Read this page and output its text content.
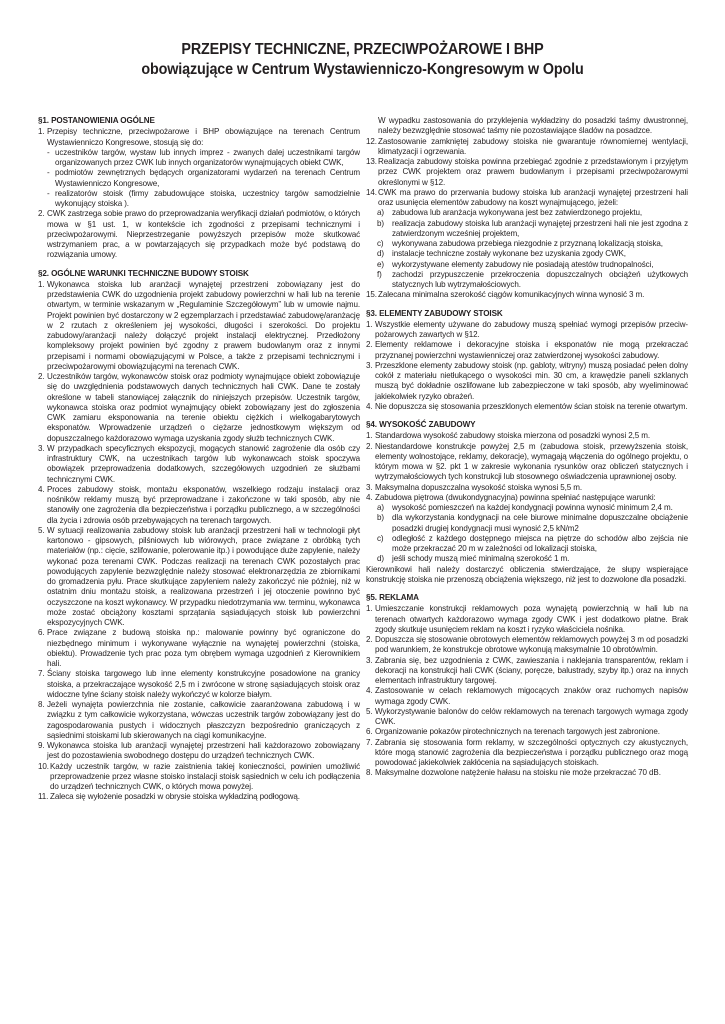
PRZEPISY TECHNICZNE, PRZECIWPOŻAROWE I BHP
obowiązujące w Centrum Wystawienniczo-Kongresowym w Opolu
§1. POSTANOWIENIA OGÓLNE
1. Przepisy techniczne, przeciwpożarowe i BHP obowiązujące na terenach Centrum Wystawienniczo Kongresowe, stosują się do:
- uczestników targów, wystaw lub innych imprez - zwanych dalej uczestnikami targów organizowanych przez CWK lub innych organizatorów wynajmujących obiekt CWK,
- podmiotów zewnętrznych będących organizatorami wydarzeń na terenach Centrum Wystawienniczo Kongresowe,
- realizatorów stoisk (firmy zabudowujące stoiska, uczestnicy targów samodzielnie wykonujący stoiska ).
2. CWK zastrzega sobie prawo do przeprowadzania weryfikacji działań podmiotów, o których mowa w §1 ust. 1, w kontekście ich zgodności z przepisami technicznymi i przeciwpożarowymi. Nieprzestrzeganie powyższych przepisów może skutkować wstrzymaniem prac, a w powtarzających się przypadkach może być podstawą do rozwiązania umowy.
§2. OGÓLNE WARUNKI TECHNICZNE BUDOWY STOISK
1. Wykonawca stoiska lub aranżacji wynajętej przestrzeni zobowiązany jest do przedstawienia CWK do uzgodnienia projekt zabudowy powierzchni w hali lub na terenie otwartym, w terminie wskazanym w „Regulaminie Szczegółowym” lub w umowie najmu. Projekt powinien być dostarczony w 2 egzemplarzach i przedstawiać zabudowę/aranżację w 2 rzutach z określeniem jej wysokości, długości i szerokości. Do projektu zabudowy/aranżacji należy dołączyć projekt instalacji elektrycznej. Przedłożony kompleksowy projekt powinien być zgodny z prawem budowlanym oraz z innymi przepisami i normami obowiązującymi w Polsce, a także z przepisami technicznymi i przeciwpożarowymi obowiązującymi na terenach CWK.
2. Uczestników targów, wykonawców stoisk oraz podmioty wynajmujące obiekt zobowiązuje się do uwzględnienia podstawowych danych technicznych hali CWK. Dane te zostały określone w tabeli stanowiącej załącznik do niniejszych przepisów. Uczestnik targów, wykonawca stoiska oraz podmiot wynajmujący obiekt zobowiązany jest do zgłoszenia CWK zamiaru eksponowania na terenie obiektu ciężkich i wielkogabarytowych eksponatów. Wprowadzenie urządzeń o ciężarze jednostkowym większym od dopuszczalnego każdorazowo wymaga uzyskania zgody służb technicznych CWK.
3. W przypadkach specyficznych ekspozycji, mogących stanowić zagrożenie dla osób czy infrastruktury CWK, na uczestnikach targów lub wykonawcach stoisk spoczywa obowiązek przeprowadzenia dodatkowych, szczegółowych uzgodnień ze służbami technicznymi CWK.
4. Proces zabudowy stoisk, montażu eksponatów, wszelkiego rodzaju instalacji oraz nośników reklamy muszą być przeprowadzane i zakończone w taki sposób, aby nie stanowiły one zagrożenia dla bezpieczeństwa i porządku publicznego, a w szczególności dla życia i zdrowia osób przebywających na terenach targowych.
5. W sytuacji realizowania zabudowy stoisk lub aranżacji przestrzeni hali w technologii płyt kartonowo - gipsowych, pilśniowych lub wiórowych, prace związane z obróbką tych materiałów (np.: cięcie, szlifowanie, polerowanie itp.) i powodujące duże zapylenie, należy wykonać poza terenami CWK. Podczas realizacji na terenach CWK pozostałych prac powodujących zapylenie bezwzględnie należy stosować elektronarzędzia ze zbiornikami do gromadzenia pyłu. Prace skutkujące zapyleniem należy zakończyć nie później, niż w ostatnim dniu montażu stoisk, a realizowana przestrzeń i jej otoczenie powinno być oczyszczone na koszt wykonawcy. W przypadku niedotrzymania ww. terminu, wykonawca może zostać obciążony kosztami sprzątania sąsiadujących stoisk lub powierzchni ekspozycyjnych CWK.
6. Prace związane z budową stoiska np.: malowanie powinny być ograniczone do niezbędnego minimum i wykonywane wyłącznie na wynajętej powierzchni (stoiska, obiektu). Prowadzenie tych prac poza tym obrębem wymaga uzgodnień z Kierownikiem hali.
7. Ściany stoiska targowego lub inne elementy konstrukcyjne posadowione na granicy stoiska, a przekraczające wysokość 2,5 m i zwrócone w stronę sąsiadujących stoisk oraz widoczne tylne ściany stoisk należy wykończyć w kolorze białym.
8. Jeżeli wynajęta powierzchnia nie zostanie, całkowicie zaaranżowana zabudową i w związku z tym całkowicie wykorzystana, wówczas uczestnik targów zobowiązany jest do zagospodarowania pustych i widocznych płaszczyzn bezpośrednio graniczących z sąsiednimi stoiskami lub skierowanych na ciągi komunikacyjne.
9. Wykonawca stoiska lub aranżacji wynajętej przestrzeni hali każdorazowo zobowiązany jest do pozostawienia swobodnego dostępu do urządzeń technicznych CWK.
10. Każdy uczestnik targów, w razie zaistnienia takiej konieczności, powinien umożliwić przeprowadzenie przez własne stoisko instalacji stoisk sąsiednich w celu ich podłączenia do urządzeń technicznych CWK, o których mowa powyżej.
11. Zaleca się wyłożenie posadzki w obrysie stoiska wykładziną podłogową.
W wypadku zastosowania do przyklejenia wykładziny do posadzki taśmy dwustronnej, należy bezwzględnie stosować taśmy nie pozostawiające śladów na posadzce.
12. Zastosowanie zamkniętej zabudowy stoiska nie gwarantuje równomiernej wentylacji, klimatyzacji i ogrzewania.
13. Realizacja zabudowy stoiska powinna przebiegać zgodnie z przedstawionym i przyjętym przez CWK projektem oraz prawem budowlanym i przepisami przeciwpożarowymi określonymi w §12.
14. CWK ma prawo do przerwania budowy stoiska lub aranżacji wynajętej przestrzeni hali oraz usunięcia elementów zabudowy na koszt wynajmującego, jeżeli:
a) zabudowa lub aranżacja wykonywana jest bez zatwierdzonego projektu,
b) realizacja zabudowy stoiska lub aranżacji wynajętej przestrzeni hali nie jest zgodna z zatwierdzonym wcześniej projektem,
c) wykonywana zabudowa przebiega niezgodnie z przyznaną lokalizacją stoiska,
d) instalacje techniczne zostały wykonane bez uzyskania zgody CWK,
e) wykorzystywane elementy zabudowy nie posiadają atestów trudnopalności,
f) zachodzi przypuszczenie przekroczenia dopuszczalnych obciążeń użytkowych statycznych lub wytrzymałościowych.
15. Zalecana minimalna szerokość ciągów komunikacyjnych winna wynosić 3 m.
§3. ELEMENTY ZABUDOWY STOISK
1. Wszystkie elementy używane do zabudowy muszą spełniać wymogi przepisów przeciw-pożarowych zawartych w §12.
2. Elementy reklamowe i dekoracyjne stoiska i eksponatów nie mogą przekraczać przyznanej powierzchni wystawienniczej oraz zatwierdzonej wysokości zabudowy.
3. Przeszklone elementy zabudowy stoisk (np. gabloty, witryny) muszą posiadać pełen dolny cokół z materiału nietłukącego o wysokości min. 30 cm, a krawędzie paneli szklanych muszą być dokładnie oszlifowane lub zabezpieczone w taki sposób, aby wyeliminować jakiekolwiek ryzyko obrażeń.
4. Nie dopuszcza się stosowania przeszklonych elementów ścian stoisk na terenie otwartym.
§4. WYSOKOŚĆ ZABUDOWY
1. Standardowa wysokość zabudowy stoiska mierzona od posadzki wynosi 2,5 m.
2. Niestandardowe konstrukcje powyżej 2,5 m (zabudowa stoisk, przewyższenia stoisk, elementy wolnostojące, reklamy, dekoracje), wymagają włączenia do ogólnego projektu, o którym mowa w §2. pkt 1 w zakresie wykonania rysunków oraz obliczeń statycznych i wytrzymałościowych tych konstrukcji lub stosownego oświadczenia uprawnionej osoby.
3. Maksymalna dopuszczalna wysokość stoiska wynosi 5,5 m.
4. Zabudowa piętrowa (dwukondygnacyjna) powinna spełniać następujące warunki:
a) wysokość pomieszczeń na każdej kondygnacji powinna wynosić minimum 2,4 m.
b) dla wykorzystania kondygnacji na cele biurowe minimalne dopuszczalne obciążenie posadzki drugiej kondygnacji musi wynosić 2,5 kN/m2
c) odległość z każdego dostępnego miejsca na piętrze do schodów albo zejścia nie może przekraczać 20 m w zależności od lokalizacji stoiska,
d) jeśli schody muszą mieć minimalną szerokość 1 m.
Kierownikowi hali należy dostarczyć obliczenia stwierdzające, że słupy wspierające konstrukcję stoiska nie przenoszą obciążenia większego, niż jest to dozwolone dla posadzki.
§5. REKLAMA
1. Umieszczanie konstrukcji reklamowych poza wynajętą powierzchnią w hali lub na terenach otwartych każdorazowo wymaga zgody CWK i jest dodatkowo płatne. Brak zgody skutkuje usunięciem reklam na koszt i ryzyko właściciela nośnika.
2. Dopuszcza się stosowanie obrotowych elementów reklamowych powyżej 3 m od posadzki pod warunkiem, że konstrukcje obrotowe wykonują maksymalnie 10 obrotów/min.
3. Zabrania się, bez uzgodnienia z CWK, zawieszania i naklejania transparentów, reklam i dekoracji na konstrukcji hali CWK (ściany, poręcze, balustrady, szyby itp.) oraz na innych elementach infrastruktury targowej.
4. Zastosowanie w celach reklamowych migocących znaków oraz ruchomych napisów wymaga zgody CWK.
5. Wykorzystywanie balonów do celów reklamowych na terenach targowych wymaga zgody CWK.
6. Organizowanie pokazów pirotechnicznych na terenach targowych jest zabronione.
7. Zabrania się stosowania form reklamy, w szczególności optycznych czy akustycznych, które mogą stanowić zagrożenia dla bezpieczeństwa i porządku publicznego oraz mogą powodować jakiekolwiek zakłócenia na sąsiadujących stoiskach.
8. Maksymalne dozwolone natężenie hałasu na stoisku nie może przekraczać 70 dB.
